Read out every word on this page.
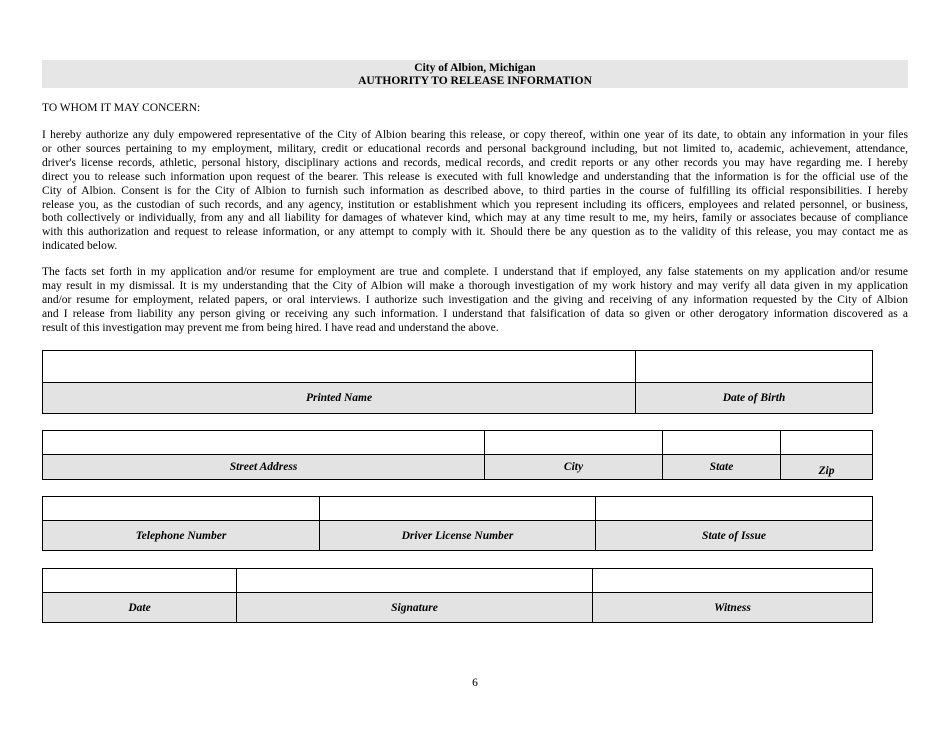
City of Albion, Michigan
AUTHORITY TO RELEASE INFORMATION
TO WHOM IT MAY CONCERN:
I hereby authorize any duly empowered representative of the City of Albion bearing this release, or copy thereof, within one year of its date, to obtain any information in your files
or other sources pertaining to my employment, military, credit or educational records and personal background including, but not limited to, academic, achievement, attendance,
driver's license records, athletic, personal history, disciplinary actions and records, medical records, and credit reports or any other records you may have regarding me. I hereby
direct you to release such information upon request of the bearer. This release is executed with full knowledge and understanding that the information is for the official use of the
City of Albion. Consent is for the City of Albion to furnish such information as described above, to third parties in the course of fulfilling its official responsibilities. I hereby
release you, as the custodian of such records, and any agency, institution or establishment which you represent including its officers, employees and related personnel, or business,
both collectively or individually, from any and all liability for damages of whatever kind, which may at any time result to me, my heirs, family or associates because of compliance
with this authorization and request to release information, or any attempt to comply with it. Should there be any question as to the validity of this release, you may contact me as
indicated below.
The facts set forth in my application and/or resume for employment are true and complete. I understand that if employed, any false statements on my application and/or resume
may result in my dismissal. It is my understanding that the City of Albion will make a thorough investigation of my work history and may verify all data given in my application
and/or resume for employment, related papers, or oral interviews. I authorize such investigation and the giving and receiving of any information requested by the City of Albion
and I release from liability any person giving or receiving any such information. I understand that falsification of data so given or other derogatory information discovered as a
result of this investigation may prevent me from being hired. I have read and understand the above.

Printed Name	Date of Birth

Street Address	City	State	Zip

Telephone Number	Driver License Number	State of Issue

Date	Signature	Witness
6
